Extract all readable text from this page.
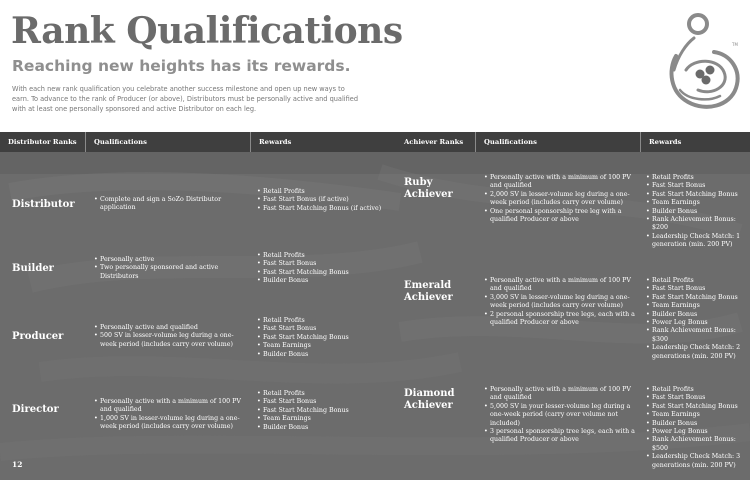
Rank Qualifications
Reaching new heights has its rewards.
With each new rank qualification you celebrate another success milestone and open up new ways to earn. To advance to the rank of Producer (or above), Distributors must be personally active and qualified with at least one personally sponsored and active Distributor on each leg.
TM
Distributor Ranks	Qualifications	Rewards	Achiever Ranks	Qualifications	Rewards
Distributor
•	Complete and sign a SoZo Distributor application
• Retail Profits
• Fast Start Bonus (if active)
• Fast Start Matching Bonus (if active)
Builder
• Personally active
• Two personally sponsored and active Distributors
• Retail Profits
• Fast Start Bonus
• Fast Start Matching Bonus
• Builder Bonus
Producer
• Personally active and qualified
• 500 SV in lesser-volume leg during a one-week period (includes carry over volume)
• Retail Profits
• Fast Start Bonus
• Fast Start Matching Bonus
• Team Earnings
• Builder Bonus
Director
• Personally active with a minimum of 100 PV and qualified
• 1,000 SV in lesser-volume leg during a one-week period (includes carry over volume)
• Retail Profits
• Fast Start Bonus
• Fast Start Matching Bonus
• Team Earnings
• Builder Bonus
Ruby Achiever
• Personally active with a minimum of 100 PV and qualified
• 2,000 SV in lesser-volume leg during a one-week period (includes carry over volume)
• One personal sponsorship tree leg with a qualified Producer or above
• Retail Profits
• Fast Start Bonus
• Fast Start Matching Bonus
• Team Earnings
• Builder Bonus
• Rank Achievement Bonus: $200
• Leadership Check Match: 1 generation (min. 200 PV)
Emerald Achiever
• Personally active with a minimum of 100 PV and qualified
• 3,000 SV in lesser-volume leg during a one-week period (includes carry over volume)
• 2 personal sponsorship tree legs, each with a qualified Producer or above
• Retail Profits
• Fast Start Bonus
• Fast Start Matching Bonus
• Team Earnings
• Builder Bonus
• Power Leg Bonus
• Rank Achievement Bonus: $300
• Leadership Check Match: 2 generations (min. 200 PV)
Diamond Achiever
• Personally active with a minimum of 100 PV and qualified
• 5,000 SV in your lesser-volume leg during a one-week period (carry over volume not included)
• 3 personal sponsorship tree legs, each with a qualified Producer or above
• Retail Profits
• Fast Start Bonus
• Fast Start Matching Bonus
• Team Earnings
• Builder Bonus
• Power Leg Bonus
• Rank Achievement Bonus: $500
• Leadership Check Match: 3 generations (min. 200 PV)
12
